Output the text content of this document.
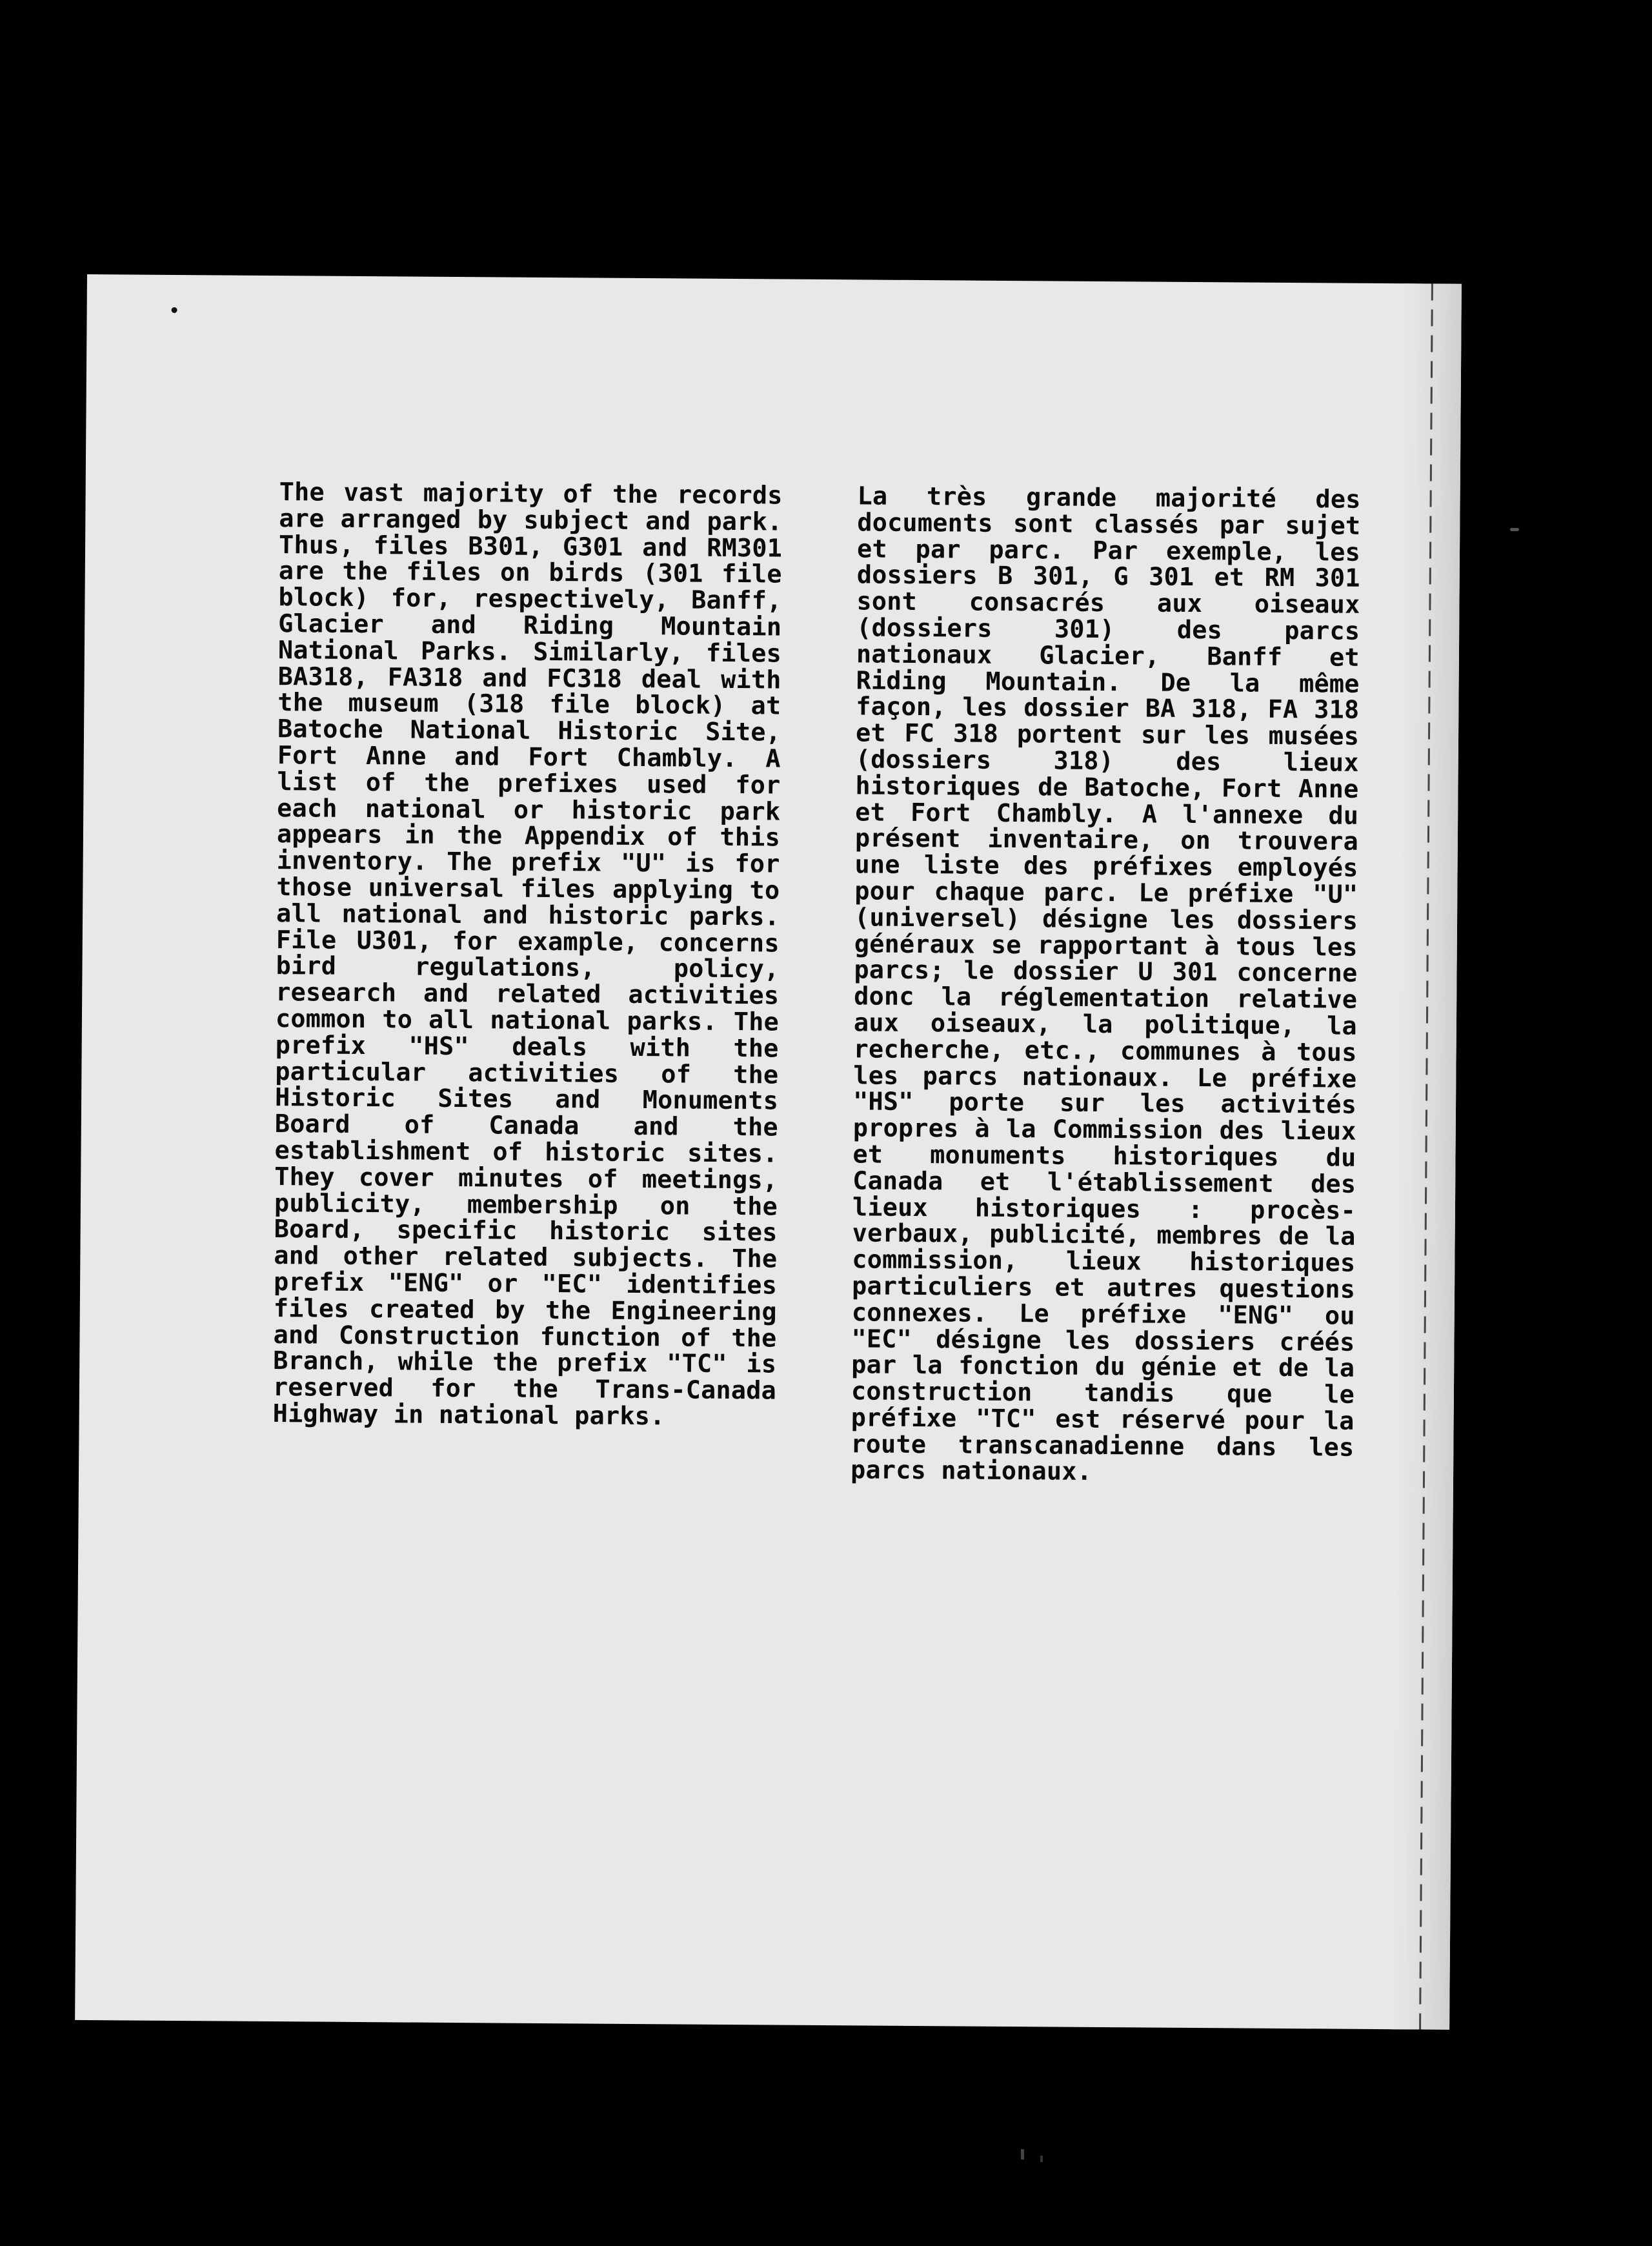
The vast majority of the records are arranged by subject and park. Thus, files B301, G301 and RM301 are the files on birds (301 file block) for, respectively, Banff, Glacier and Riding Mountain National Parks. Similarly, files BA318, FA318 and FC318 deal with the museum (318 file block) at Batoche National Historic Site, Fort Anne and Fort Chambly. A list of the prefixes used for each national or historic park appears in the Appendix of this inventory. The prefix "U" is for those universal files applying to all national and historic parks. File U301, for example, concerns bird regulations, policy, research and related activities common to all national parks. The prefix "HS" deals with the particular activities of the Historic Sites and Monuments Board of Canada and the establishment of historic sites. They cover minutes of meetings, publicity, membership on the Board, specific historic sites and other related subjects. The prefix "ENG" or "EC" identifies files created by the Engineering and Construction function of the Branch, while the prefix "TC" is reserved for the Trans-Canada Highway in national parks.
La très grande majorité des documents sont classés par sujet et par parc. Par exemple, les dossiers B 301, G 301 et RM 301 sont consacrés aux oiseaux (dossiers 301) des parcs nationaux Glacier, Banff et Riding Mountain. De la même façon, les dossier BA 318, FA 318 et FC 318 portent sur les musées (dossiers 318) des lieux historiques de Batoche, Fort Anne et Fort Chambly. A l'annexe du présent inventaire, on trouvera une liste des préfixes employés pour chaque parc. Le préfixe "U" (universel) désigne les dossiers généraux se rapportant à tous les parcs; le dossier U 301 concerne donc la réglementation relative aux oiseaux, la politique, la recherche, etc., communes à tous les parcs nationaux. Le préfixe "HS" porte sur les activités propres à la Commission des lieux et monuments historiques du Canada et l'établissement des lieux historiques : procès-verbaux, publicité, membres de la commission, lieux historiques particuliers et autres questions connexes. Le préfixe "ENG" ou "EC" désigne les dossiers créés par la fonction du génie et de la construction tandis que le préfixe "TC" est réservé pour la route transcanadienne dans les parcs nationaux.
